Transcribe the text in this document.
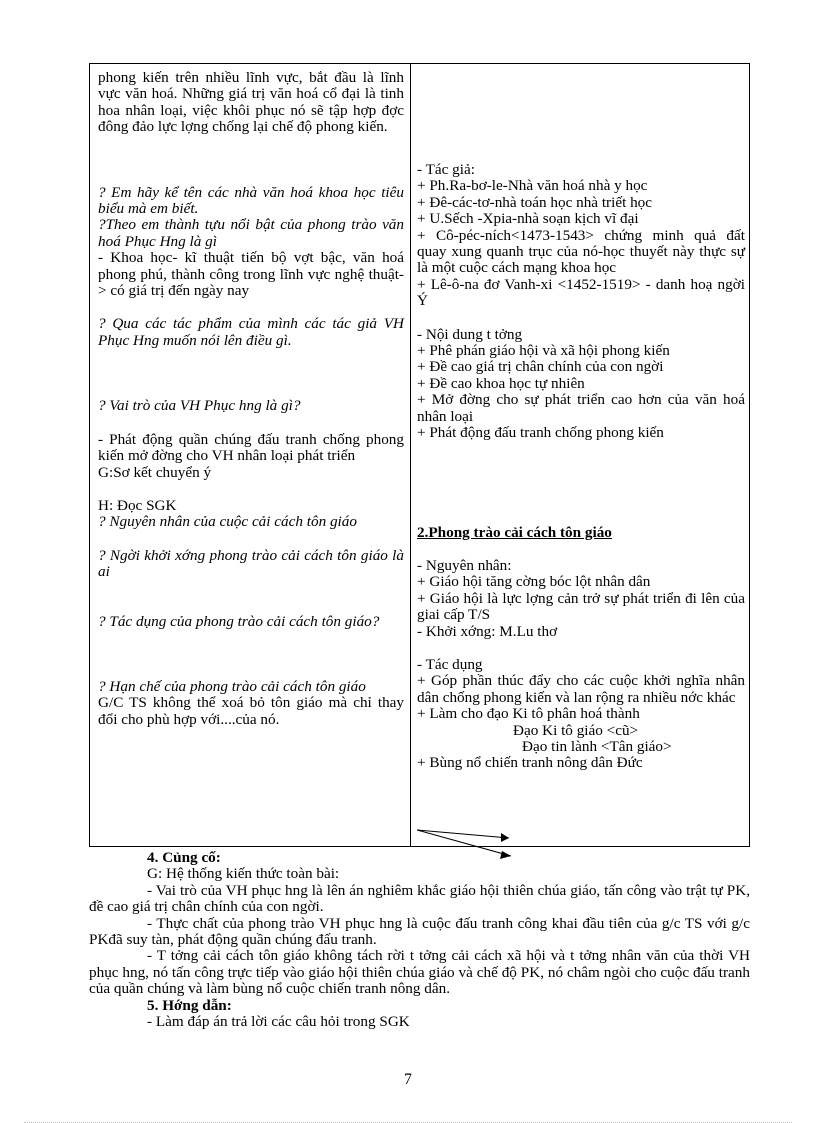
phong kiến trên nhiều lĩnh vực, bắt đầu là lĩnh vực văn hoá. Những giá trị văn hoá cổ đại là tinh hoa nhân loại, việc khôi phục nó sẽ tập hợp đợc đông đảo lực lợng chống lại chế độ phong kiến.

? Em hãy kể tên các nhà văn hoá khoa học tiêu biểu mà em biết.

?Theo em thành tựu nổi bật của phong trào văn hoá Phục Hng là gì

- Khoa học- kĩ thuật tiến bộ vợt bậc, văn hoá phong phú, thành công trong lĩnh vực nghệ thuật-> có giá trị đến ngày nay

? Qua các tác phẩm của mình các tác giả VH Phục Hng muốn nói lên điều gì.

? Vai trò của VH Phục hng là gì?

- Phát động quần chúng đấu tranh chống phong kiến mở đờng cho VH nhân loại phát triển

G:Sơ kết chuyển ý

H: Đọc SGK

? Nguyên nhân của cuộc cải cách tôn giáo

? Ngời khởi xớng phong trào cải cách tôn giáo là ai

? Tác dụng của phong trào cải cách tôn giáo?

? Hạn chế của phong trào cải cách tôn giáo

G/C TS không thể xoá bỏ tôn giáo mà chỉ thay đổi cho phù hợp với....của nó.

- Tác giả:

+ Ph.Ra-bơ-le-Nhà văn hoá nhà y học

+ Đê-các-tơ-nhà toán học nhà triết học

+ U.Sếch -Xpia-nhà soạn kịch vĩ đại

+ Cô-péc-ních<1473-1543> chứng minh quả đất quay xung quanh trục của nó-học thuyết này thực sự là một cuộc cách mạng khoa học

+ Lê-ô-na đơ Vanh-xi <1452-1519> - danh hoạ ngời Ý

- Nội dung t tởng

+ Phê phán giáo hội và xã hội phong kiến

+ Đề cao giá trị chân chính của con ngời

+ Đề cao khoa học tự nhiên

+ Mở đờng cho sự phát triển cao hơn của văn hoá nhân loại

+ Phát động đấu tranh chống phong kiến

2.Phong trào cải cách tôn giáo

- Nguyên nhân:

+ Giáo hội tăng cờng bóc lột nhân dân

+ Giáo hội là lực lợng cản trở sự phát triển đi lên của giai cấp T/S

- Khởi xớng: M.Lu thơ

- Tác dụng

+ Góp phần thúc đẩy cho các cuộc khởi nghĩa nhân dân chống phong kiến và lan rộng ra nhiều nớc khác

+ Làm cho đạo Ki tô phân hoá thành

Đạo Ki tô giáo <cũ>

Đạo tin lành <Tân giáo>

+ Bùng nổ chiến tranh nông dân Đức

4. Củng cố:

G: Hệ thống kiến thức toàn bài:

- Vai trò của VH phục hng là lên án nghiêm khắc giáo hội thiên chúa giáo, tấn công vào trật tự PK, đề cao giá trị chân chính của con ngời.

- Thực chất của phong trào VH phục hng là cuộc đấu tranh công khai đầu tiên của g/c TS với g/c PKđã suy tàn, phát động quần chúng đấu tranh.

- T tởng cải cách tôn giáo không tách rời t tởng cải cách xã hội và t tởng nhân văn của thời VH phục hng, nó tấn công trực tiếp vào giáo hội thiên chúa giáo và chế độ PK, nó châm ngòi cho cuộc đấu tranh của quần chúng và làm bùng nổ cuộc chiến tranh nông dân.

5. Hớng dẫn:

- Làm đáp án trả lời các câu hỏi trong SGK

7
